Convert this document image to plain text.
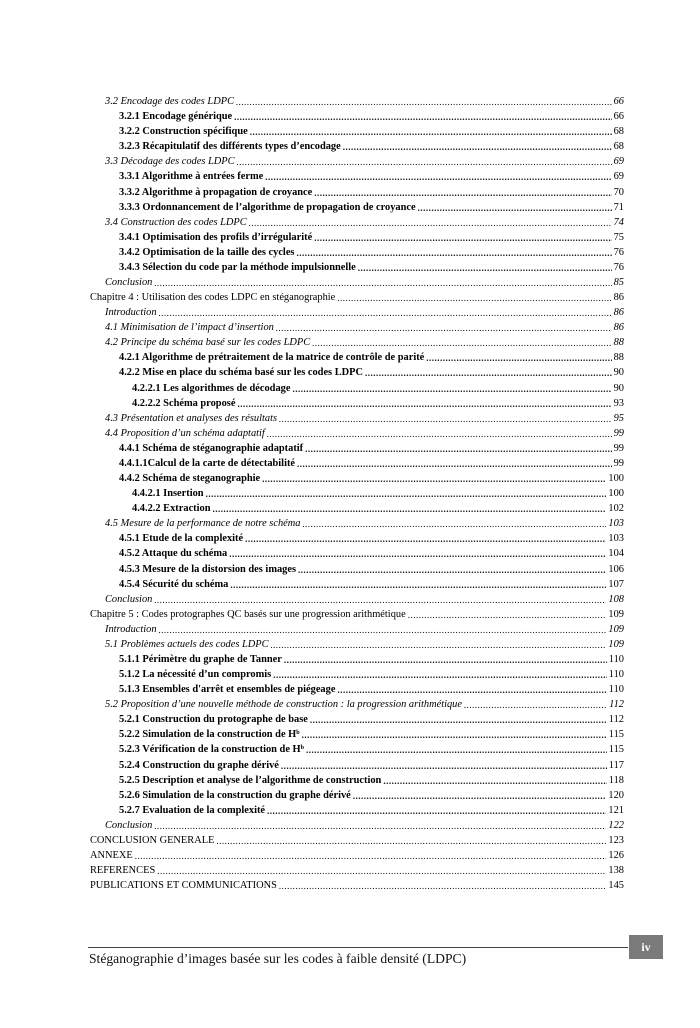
3.2 Encodage des codes LDPC .....	66
3.2.1 Encodage générique .....	66
3.2.2 Construction spécifique .....	68
3.2.3 Récapitulatif des différents types d’encodage .....	68
3.3 Décodage des codes LDPC .....	69
3.3.1 Algorithme à entrées ferme .....	69
3.3.2 Algorithme à propagation de croyance .....	70
3.3.3 Ordonnancement de l’algorithme de propagation de croyance .....	71
3.4 Construction des codes LDPC .....	74
3.4.1 Optimisation des profils d’irrégularité .....	75
3.4.2 Optimisation de la taille des cycles .....	76
3.4.3 Sélection du code par la méthode impulsionnelle .....	76
Conclusion .....	85
Chapitre 4 : Utilisation des codes LDPC en stéganographie .....	86
Introduction .....	86
4.1 Minimisation de l’impact d’insertion .....	86
4.2 Principe du schéma basé sur les codes LDPC .....	88
4.2.1 Algorithme de prétraitement de la matrice de contrôle de parité .....	88
4.2.2 Mise en place du schéma basé sur les codes LDPC .....	90
4.2.2.1 Les algorithmes de décodage .....	90
4.2.2.2 Schéma proposé .....	93
4.3 Présentation et analyses des résultats .....	95
4.4 Proposition d’un schéma adaptatif .....	99
4.4.1 Schéma de stéganographie adaptatif .....	99
4.4.1.1Calcul de la carte de détectabilité .....	99
4.4.2 Schéma de steganographie .....	100
4.4.2.1 Insertion .....	100
4.4.2.2 Extraction .....	102
4.5 Mesure de la performance de notre schéma .....	103
4.5.1 Etude de la complexité .....	103
4.5.2 Attaque du schéma .....	104
4.5.3 Mesure de la distorsion des images .....	106
4.5.4 Sécurité du schéma .....	107
Conclusion .....	108
Chapitre 5 : Codes protographes QC basés sur une progression arithmétique .....	109
Introduction .....	109
5.1 Problèmes actuels des codes LDPC .....	109
5.1.1 Périmètre du graphe de Tanner .....	110
5.1.2 La nécessité d’un compromis .....	110
5.1.3 Ensembles d'arrêt et ensembles de piégeage .....	110
5.2 Proposition d’une nouvelle méthode de construction : la progression arithmétique .....	112
5.2.1 Construction du protographe de base .....	112
5.2.2 Simulation de la construction de Hᵇ .....	115
5.2.3 Vérification de la construction de Hᵇ .....	115
5.2.4 Construction du graphe dérivé .....	117
5.2.5 Description et analyse de l’algorithme de construction .....	118
5.2.6 Simulation de la construction du graphe dérivé .....	120
5.2.7 Evaluation de la complexité .....	121
Conclusion .....	122
CONCLUSION GENERALE .....	123
ANNEXE .....	126
REFERENCES .....	138
PUBLICATIONS ET COMMUNICATIONS .....	145
Stéganographie d’images basée sur les codes à faible densité (LDPC)
iv
